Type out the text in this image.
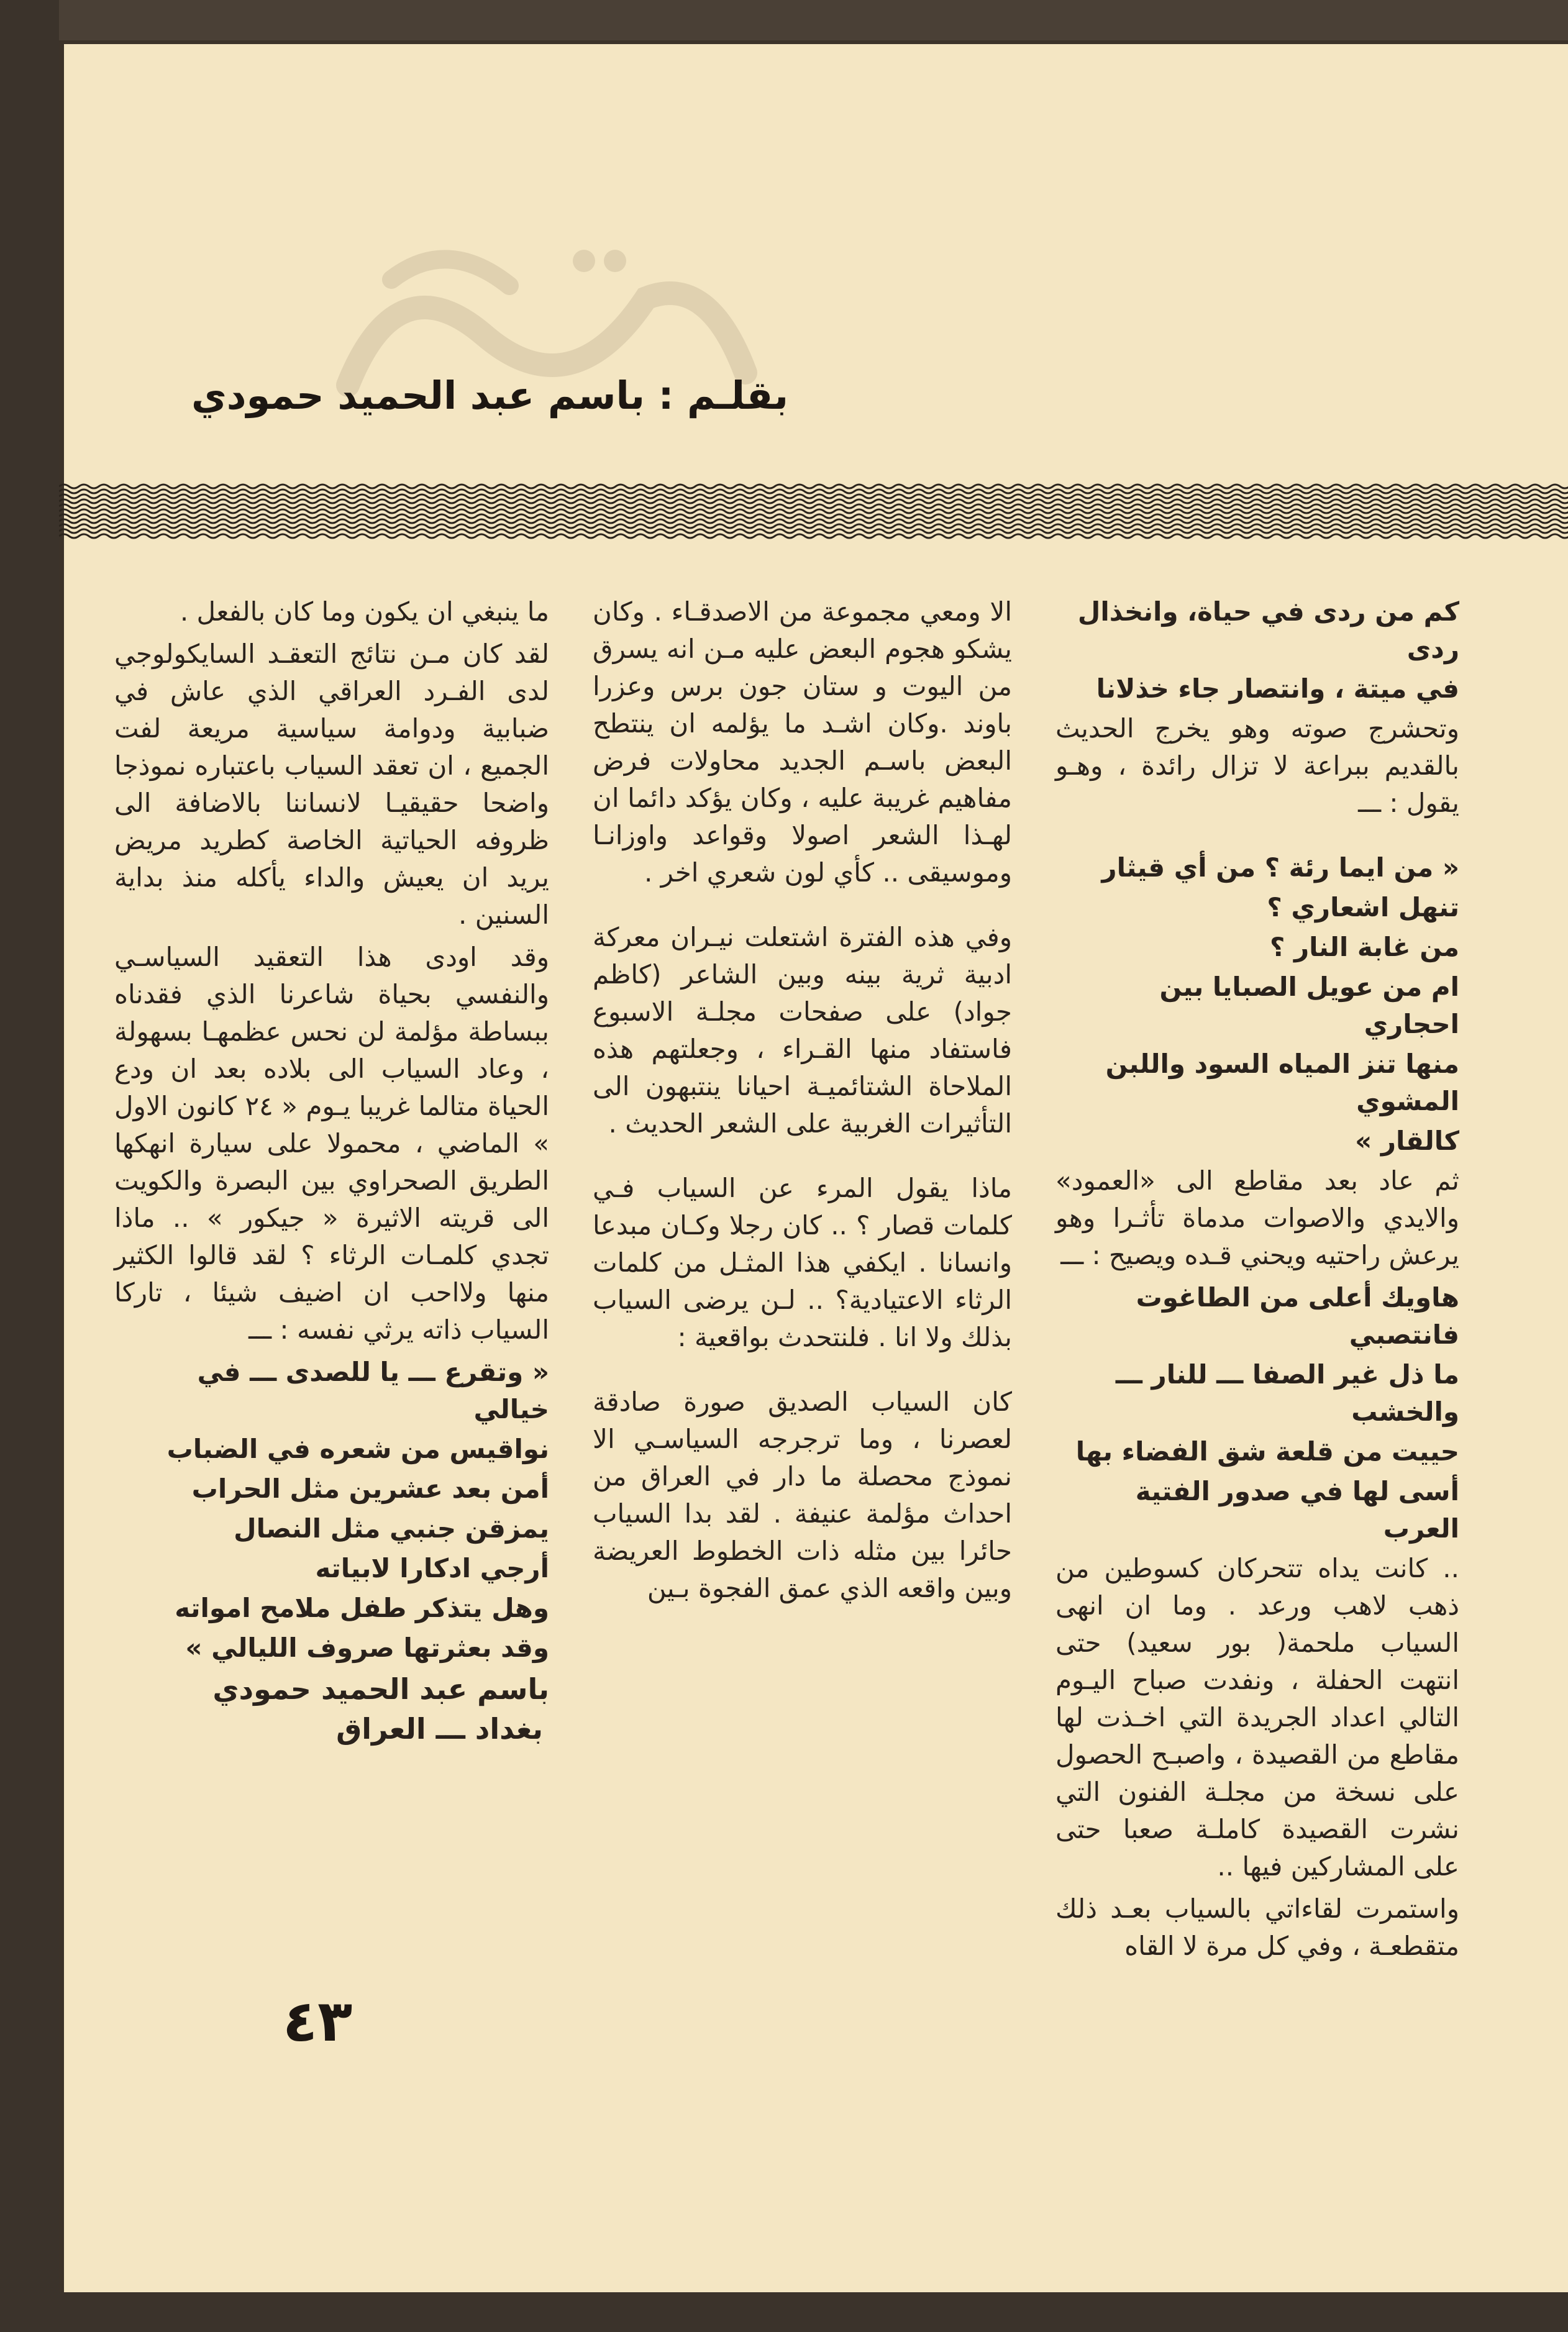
بقلـم : باسم عبد الحميد حمودي

كم من ردى في حياة، وانخذال ردى

في ميتة ، وانتصار جاء خذلانا

وتحشرج صوته وهو يخرج الحديث بالقديم ببراعة لا تزال رائدة ، وهـو يقول : ـــ

« من ايما رئة ؟ من أي قيثار

تنهل اشعاري ؟

من غابة النار ؟

ام من عويل الصبايا بين احجاري

منها تنز المياه السود واللبن المشوي

كالقار »

ثم عاد بعد مقاطع الى «العمود» والايدي والاصوات مدماة تأثـرا وهو يرعش راحتيه ويحني قـده ويصيح : ـــ

هاويك أعلى من الطاغوت فانتصبي

ما ذل غير الصفا ـــ للنار ـــ والخشب

حييت من قلعة شق الفضاء بها

أسى لها في صدور الفتية العرب

.. كانت يداه تتحركان كسوطين من ذهب لاهب ورعد . وما ان انهى السياب ملحمة( بور سعيد) حتى انتهت الحفلة ، ونفدت صباح اليـوم التالي اعداد الجريدة التي اخـذت لها مقاطع من القصيدة ، واصبـح الحصول على نسخة من مجلـة الفنون التي نشرت القصيدة كاملـة صعبا حتى على المشاركين فيها ..

واستمرت لقاءاتي بالسياب بعـد ذلك متقطعـة ، وفي كل مرة لا القاه

الا ومعي مجموعة من الاصدقـاء . وكان يشكو هجوم البعض عليه مـن انه يسرق من اليوت و ستان جون برس وعزرا باوند .وكان اشـد ما يؤلمه ان ينتطح البعض باسـم الجديد محاولات فرض مفاهيم غريبة عليه ، وكان يؤكد دائما ان لهـذا الشعر اصولا وقواعد واوزانـا وموسيقى .. كأي لون شعري اخر .

وفي هذه الفترة اشتعلت نيـران معركة ادبية ثرية بينه وبين الشاعر (كاظم جواد) على صفحات مجلـة الاسبوع فاستفاد منها القـراء ، وجعلتهم هذه الملاحاة الشتائميـة احيانا ينتبهون الى التأثيرات الغربية على الشعر الحديث .

ماذا يقول المرء عن السياب فـي كلمات قصار ؟ .. كان رجلا وكـان مبدعا وانسانا . ايكفي هذا المثـل من كلمات الرثاء الاعتيادية؟ .. لـن يرضى السياب بذلك ولا انا . فلنتحدث بواقعية :

كان السياب الصديق صورة صادقة لعصرنا ، وما ترجرجه السياسـي الا نموذج محصلة ما دار في العراق من احداث مؤلمة عنيفة . لقد بدا السياب حائرا بين مثله ذات الخطوط العريضة وبين واقعه الذي عمق الفجوة بـين

ما ينبغي ان يكون وما كان بالفعل .

لقد كان مـن نتائج التعقـد السايكولوجي لدى الفـرد العراقي الذي عاش في ضبابية ودوامة سياسية مريعة لفت الجميع ، ان تعقد السياب باعتباره نموذجا واضحا حقيقيـا لانساننا بالاضافة الى ظروفه الحياتية الخاصة كطريد مريض يريد ان يعيش والداء يأكله منذ بداية السنين .

وقد اودى هذا التعقيد السياسـي والنفسي بحياة شاعرنا الذي فقدناه ببساطة مؤلمة لن نحس عظمهـا بسهولة ، وعاد السياب الى بلاده بعد ان ودع الحياة متالما غريبا يـوم « ٢٤ كانون الاول » الماضي ، محمولا على سيارة انهكها الطريق الصحراوي بين البصرة والكويت الى قريته الاثيرة « جيكور » .. ماذا تجدي كلمـات الرثاء ؟ لقد قالوا الكثير منها ولااحب ان اضيف شيئا ، تاركا السياب ذاته يرثي نفسه : ـــ

« وتقرع ـــ يا للصدى ـــ في خيالي

نواقيس من شعره في الضباب

أمن بعد عشرين مثل الحراب

يمزقن جنبي مثل النصال

أرجي ادكارا لابياته

وهل يتذكر طفل ملامح امواته

وقد بعثرتها صروف الليالي »

باسم عبد الحميد حمودي

بغداد ـــ العراق

٤٣
